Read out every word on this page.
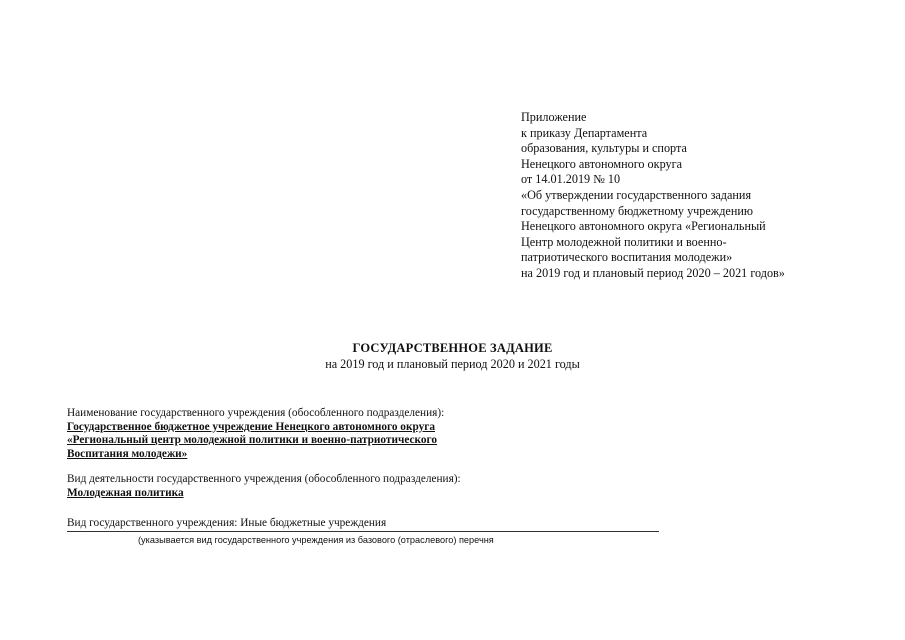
Приложение
к приказу Департамента
образования, культуры и спорта
Ненецкого автономного округа
от 14.01.2019 № 10
«Об утверждении государственного задания
государственному бюджетному учреждению
Ненецкого автономного округа «Региональный
Центр молодежной политики и военно-
патриотического воспитания молодежи»
на 2019 год и плановый период 2020 – 2021 годов»
ГОСУДАРСТВЕННОЕ ЗАДАНИЕ
на 2019 год и плановый период 2020 и 2021 годы
Наименование государственного учреждения (обособленного подразделения):
Государственное бюджетное учреждение Ненецкого автономного округа
«Региональный центр молодежной политики и военно-патриотического
Воспитания молодежи»
Вид деятельности государственного учреждения (обособленного подразделения):
Молодежная политика
Вид государственного учреждения: Иные бюджетные учреждения
(указывается вид государственного учреждения из базового (отраслевого) перечня
